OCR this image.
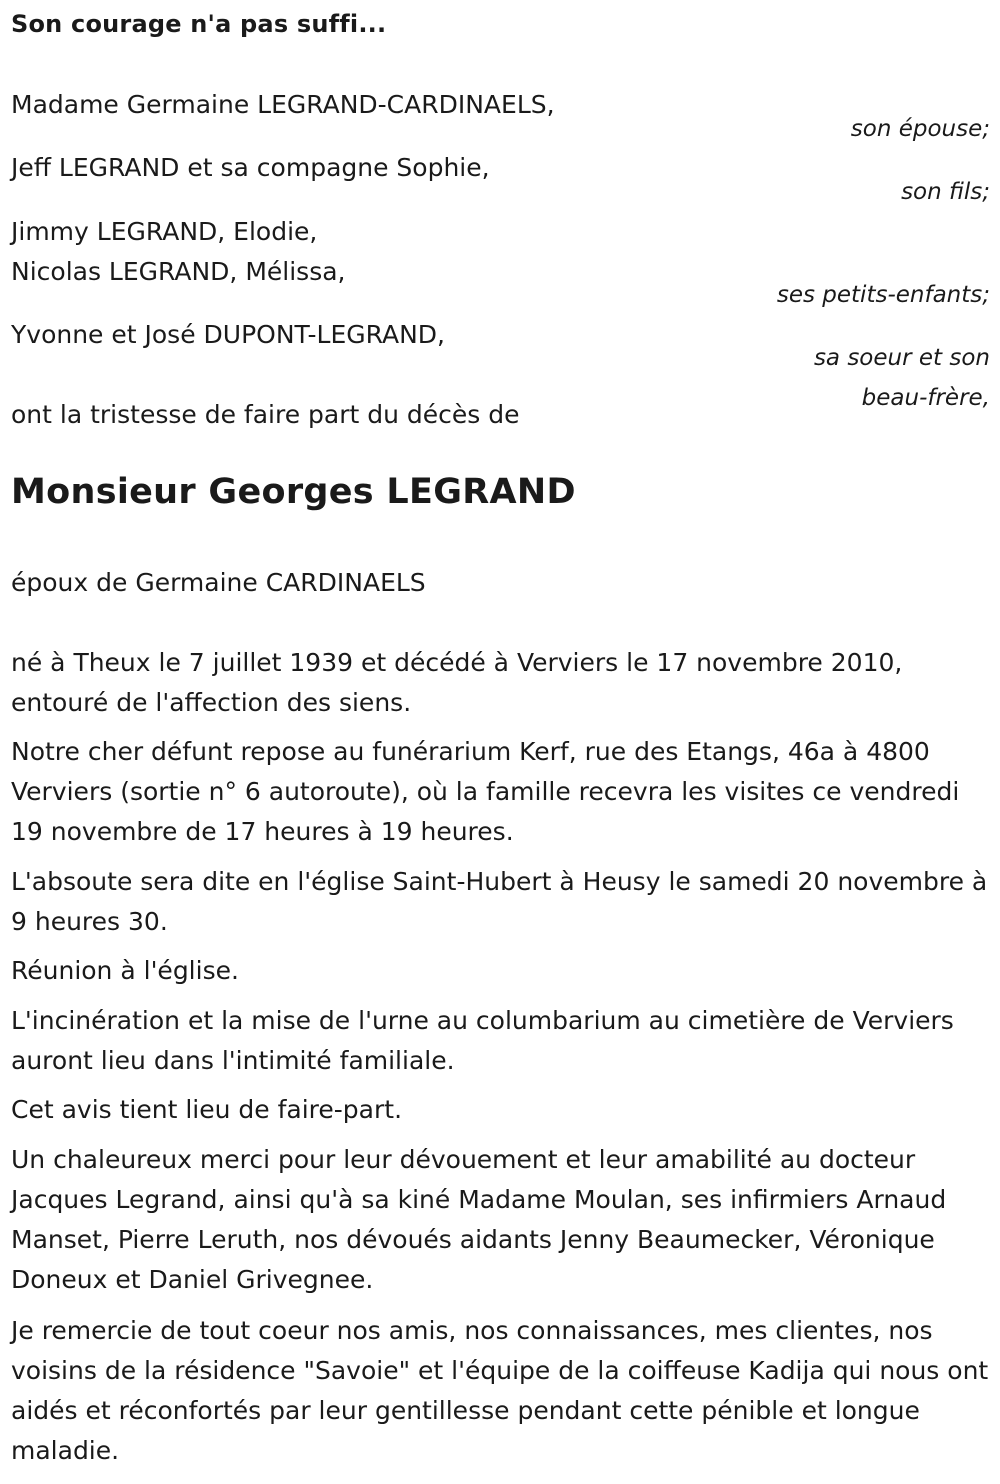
Son courage n'a pas suffi...
Madame Germaine LEGRAND-CARDINAELS,
son épouse;
Jeff LEGRAND et sa compagne Sophie,
son fils;
Jimmy LEGRAND, Elodie,
Nicolas LEGRAND, Mélissa,
ses petits-enfants;
Yvonne et José DUPONT-LEGRAND,
sa soeur et son
beau-frère,
ont la tristesse de faire part du décès de
Monsieur Georges LEGRAND
époux de Germaine CARDINAELS

né à Theux le 7 juillet 1939 et décédé à Verviers le 17 novembre 2010, entouré de l'affection des siens.

Notre cher défunt repose au funérarium Kerf, rue des Etangs, 46a à 4800 Verviers (sortie n° 6 autoroute), où la famille recevra les visites ce vendredi 19 novembre de 17 heures à 19 heures.

L'absoute sera dite en l'église Saint-Hubert à Heusy le samedi 20 novembre à 9 heures 30.

Réunion à l'église.

L'incinération et la mise de l'urne au columbarium au cimetière de Verviers auront lieu dans l'intimité familiale.

Cet avis tient lieu de faire-part.

Un chaleureux merci pour leur dévouement et leur amabilité au docteur Jacques Legrand, ainsi qu'à sa kiné Madame Moulan, ses infirmiers Arnaud Manset, Pierre Leruth, nos dévoués aidants Jenny Beaumecker, Véronique Doneux et Daniel Grivegnee.

Je remercie de tout coeur nos amis, nos connaissances, mes clientes, nos voisins de la résidence "Savoie" et l'équipe de la coiffeuse Kadija qui nous ont aidés et réconfortés par leur gentillesse pendant cette pénible et longue maladie.
